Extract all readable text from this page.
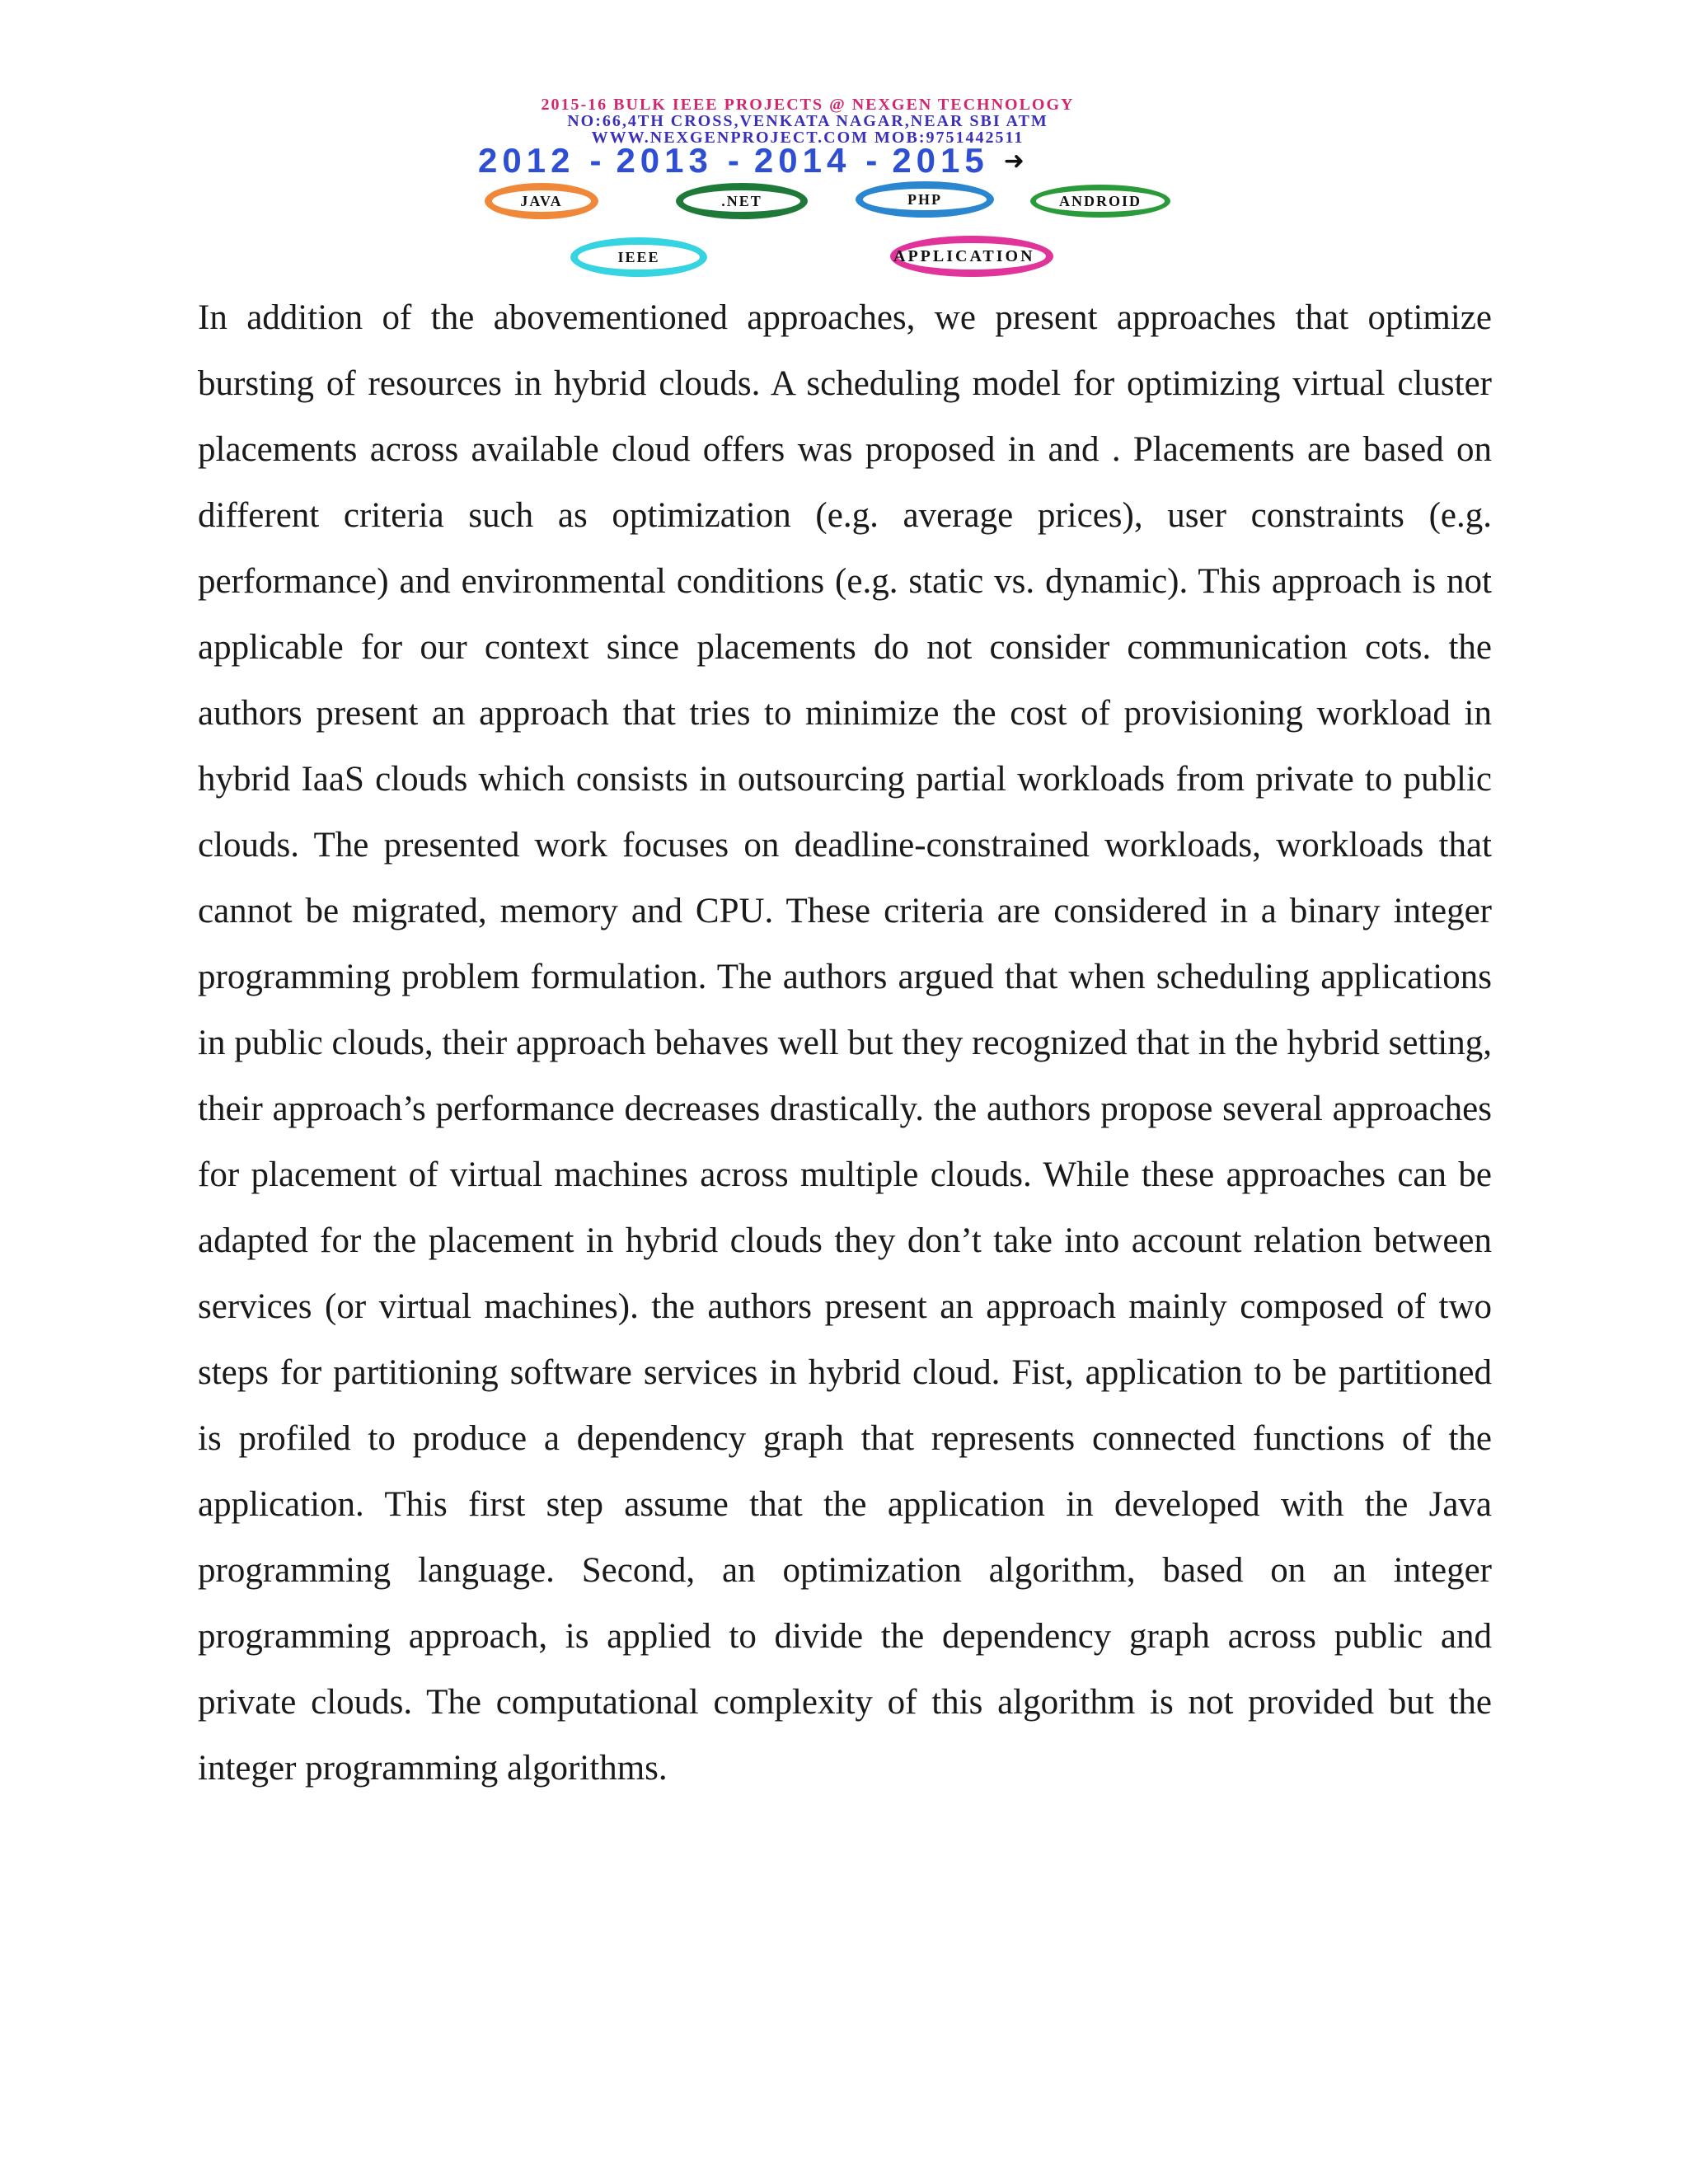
2015-16 BULK IEEE PROJECTS @ NEXGEN TECHNOLOGY
NO:66,4TH CROSS,VENKATA NAGAR,NEAR SBI ATM
WWW.NEXGENPROJECT.COM MOB:9751442511
2012 - 2013 - 2014 - 2015 ➜
JAVA	.NET	PHP	ANDROID
IEEE	APPLICATION

In addition of the abovementioned approaches, we present approaches that optimize bursting of resources in hybrid clouds. A scheduling model for optimizing virtual cluster placements across available cloud offers was proposed in and . Placements are based on different criteria such as optimization (e.g. average prices), user constraints (e.g. performance) and environmental conditions (e.g. static vs. dynamic). This approach is not applicable for our context since placements do not consider communication cots. the authors present an approach that tries to minimize the cost of provisioning workload in hybrid IaaS clouds which consists in outsourcing partial workloads from private to public clouds. The presented work focuses on deadline-constrained workloads, workloads that cannot be migrated, memory and CPU. These criteria are considered in a binary integer programming problem formulation. The authors argued that when scheduling applications in public clouds, their approach behaves well but they recognized that in the hybrid setting, their approach’s performance decreases drastically. the authors propose several approaches for placement of virtual machines across multiple clouds. While these approaches can be adapted for the placement in hybrid clouds they don’t take into account relation between services (or virtual machines). the authors present an approach mainly composed of two steps for partitioning software services in hybrid cloud. Fist, application to be partitioned is profiled to produce a dependency graph that represents connected functions of the application. This first step assume that the application in developed with the Java programming language. Second, an optimization algorithm, based on an integer programming approach, is applied to divide the dependency graph across public and private clouds. The computational complexity of this algorithm is not provided but the integer programming algorithms.
